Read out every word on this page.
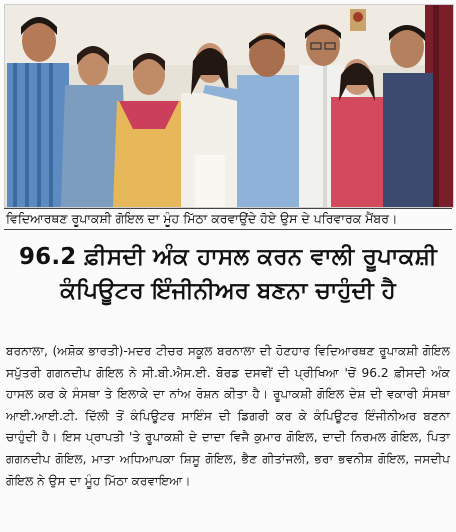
ਵਿਦਿਆਰਥਣ ਰੂਪਾਕਸ਼ੀ ਗੋਇਲ ਦਾ ਮੂੰਹ ਮਿੱਠਾ ਕਰਵਾਉਂਦੇ ਹੋਏ ਉਸ ਦੇ ਪਰਿਵਾਰਕ ਮੈਂਬਰ।
96.2 ਫ਼ੀਸਦੀ ਅੰਕ ਹਾਸਲ ਕਰਨ ਵਾਲੀ ਰੂਪਾਕਸ਼ੀ
ਕੰਪਿਊਟਰ ਇੰਜੀਨੀਅਰ ਬਣਨਾ ਚਾਹੁੰਦੀ ਹੈ

ਬਰਨਾਲਾ, (ਅਸ਼ੋਕ ਭਾਰਤੀ)-ਮਦਰ ਟੀਚਰ ਸਕੂਲ ਬਰਨਾਲਾ ਦੀ ਹੋਣਹਾਰ ਵਿਦਿਆਰਥਣ ਰੂਪਾਕਸ਼ੀ ਗੋਇਲ ਸਪੁੱਤਰੀ ਗਗਨਦੀਪ ਗੋਇਲ ਨੇ ਸੀ.ਬੀ.ਐਸ.ਈ. ਬੋਰਡ ਦਸਵੀਂ ਦੀ ਪ੍ਰੀਖਿਆ 'ਚੋਂ 96.2 ਫ਼ੀਸਦੀ ਅੰਕ ਹਾਸਲ ਕਰ ਕੇ ਸੰਸਥਾ ਤੇ ਇਲਾਕੇ ਦਾ ਨਾਂਅ ਰੋਸ਼ਨ ਕੀਤਾ ਹੈ। ਰੂਪਾਕਸ਼ੀ ਗੋਇਲ ਦੇਸ਼ ਦੀ ਵਕਾਰੀ ਸੰਸਥਾ ਆਈ.ਆਈ.ਟੀ. ਦਿੱਲੀ ਤੋਂ ਕੰਪਿਊਟਰ ਸਾਇੰਸ ਦੀ ਡਿਗਰੀ ਕਰ ਕੇ ਕੰਪਿਊਟਰ ਇੰਜੀਨੀਅਰ ਬਣਨਾ ਚਾਹੁੰਦੀ ਹੈ। ਇਸ ਪ੍ਰਾਪਤੀ 'ਤੇ ਰੂਪਾਕਸ਼ੀ ਦੇ ਦਾਦਾ ਵਿਜੈ ਕੁਮਾਰ ਗੋਇਲ, ਦਾਦੀ ਨਿਰਮਲ ਗੋਇਲ, ਪਿਤਾ ਗਗਨਦੀਪ ਗੋਇਲ, ਮਾਤਾ ਅਧਿਆਪਕਾ ਸ਼ਿਸੂ ਗੋਇਲ, ਭੈਣ ਗੀਤਾਂਜਲੀ, ਭਰਾ ਭਵਨੀਸ਼ ਗੋਇਲ, ਜਸਦੀਪ ਗੋਇਲ ਨੇ ਉਸ ਦਾ ਮੂੰਹ ਮਿੱਠਾ ਕਰਵਾਇਆ।
